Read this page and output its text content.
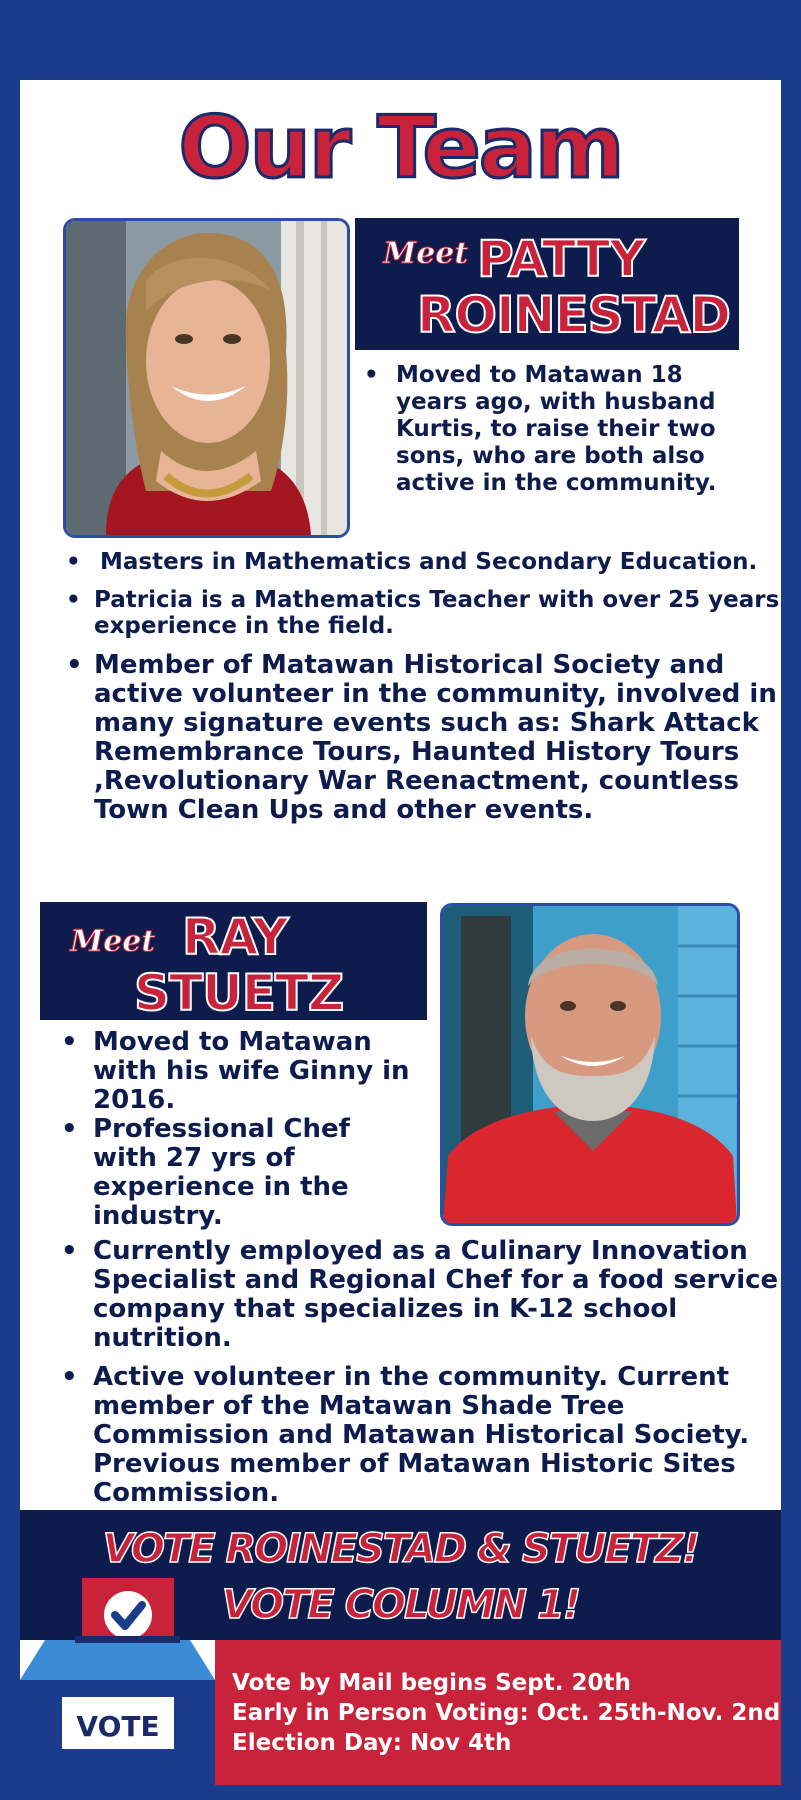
Our Team
Meet PATTY
ROINESTAD
• Moved to Matawan 18 years ago, with husband Kurtis, to raise their two sons, who are both also active in the community.
• Masters in Mathematics and Secondary Education.
• Patricia is a Mathematics Teacher with over 25 years experience in the field.
• Member of Matawan Historical Society and active volunteer in the community, involved in many signature events such as: Shark Attack Remembrance Tours, Haunted History Tours ,Revolutionary War Reenactment, countless Town Clean Ups and other events.
Meet RAY
STUETZ
• Moved to Matawan with his wife Ginny in 2016.
• Professional Chef with 27 yrs of experience in the industry.
• Currently employed as a Culinary Innovation Specialist and Regional Chef for a food service company that specializes in K-12 school nutrition.
• Active volunteer in the community. Current member of the Matawan Shade Tree Commission and Matawan Historical Society. Previous member of Matawan Historic Sites Commission.
VOTE ROINESTAD & STUETZ!
VOTE COLUMN 1!
VOTE
Vote by Mail begins Sept. 20th
Early in Person Voting: Oct. 25th-Nov. 2nd
Election Day: Nov 4th
